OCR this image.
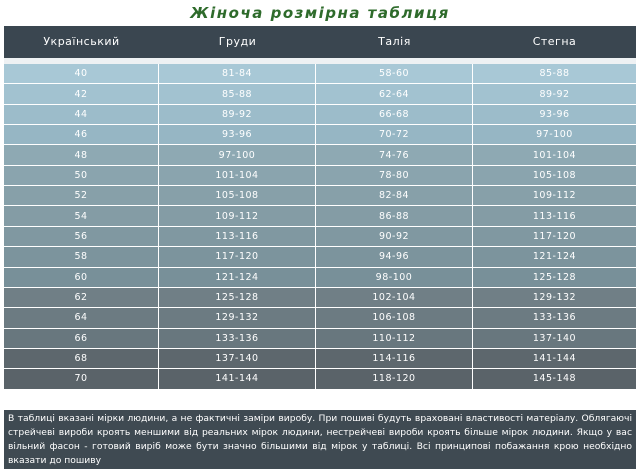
Жіноча розмірна таблиця
Український	Груди	Талія	Стегна
40	81-84	58-60	85-88
42	85-88	62-64	89-92
44	89-92	66-68	93-96
46	93-96	70-72	97-100
48	97-100	74-76	101-104
50	101-104	78-80	105-108
52	105-108	82-84	109-112
54	109-112	86-88	113-116
56	113-116	90-92	117-120
58	117-120	94-96	121-124
60	121-124	98-100	125-128
62	125-128	102-104	129-132
64	129-132	106-108	133-136
66	133-136	110-112	137-140
68	137-140	114-116	141-144
70	141-144	118-120	145-148
В таблиці вказані мірки людини, а не фактичні заміри виробу. При пошиві будуть враховані властивості матеріалу. Облягаючі стрейчеві вироби кроять меншими від реальних мірок людини, нестрейчеві вироби кроять більше мірок людини. Якщо у вас вільний фасон - готовий виріб може бути значно більшими від мірок у таблиці. Всі принципові побажання крою необхідно вказати до пошиву
